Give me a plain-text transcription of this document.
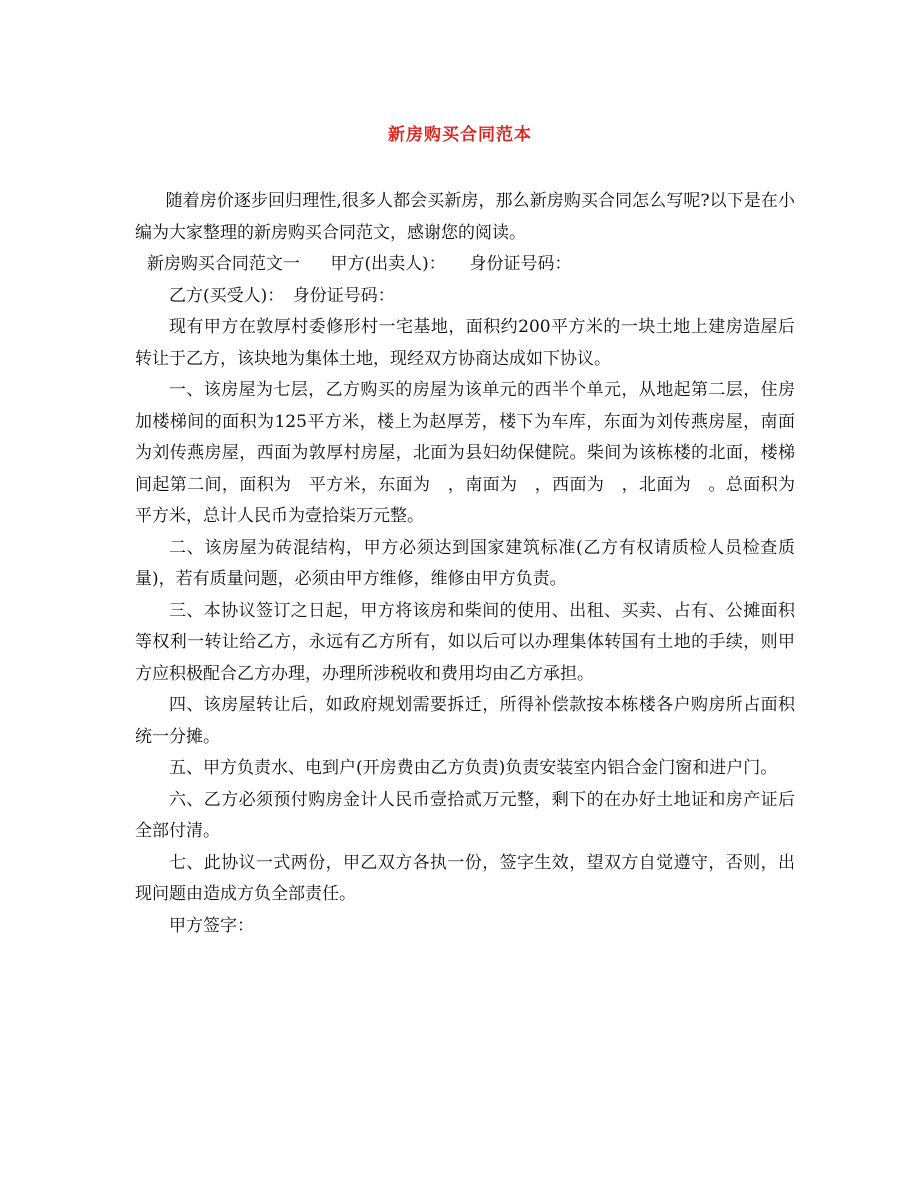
新房购买合同范本

随着房价逐步回归理性,很多人都会买新房，那么新房购买合同怎么写呢?以下是在小编为大家整理的新房购买合同范文，感谢您的阅读。

新房购买合同范文一 甲方(出卖人)： 身份证号码：

乙方(买受人)：　身份证号码：

现有甲方在敦厚村委修形村一宅基地，面积约200平方米的一块土地上建房造屋后转让于乙方，该块地为集体土地，现经双方协商达成如下协议。

一、该房屋为七层，乙方购买的房屋为该单元的西半个单元，从地起第二层，住房加楼梯间的面积为125平方米，楼上为赵厚芳，楼下为车库，东面为刘传燕房屋，南面为刘传燕房屋，西面为敦厚村房屋，北面为县妇幼保健院。柴间为该栋楼的北面，楼梯间起第二间，面积为　平方米，东面为　，南面为　，西面为　，北面为　。总面积为　平方米，总计人民币为壹拾柒万元整。

二、该房屋为砖混结构，甲方必须达到国家建筑标准(乙方有权请质检人员检查质量)，若有质量问题，必须由甲方维修，维修由甲方负责。

三、本协议签订之日起，甲方将该房和柴间的使用、出租、买卖、占有、公摊面积等权利一转让给乙方，永远有乙方所有，如以后可以办理集体转国有土地的手续，则甲方应积极配合乙方办理，办理所涉税收和费用均由乙方承担。

四、该房屋转让后，如政府规划需要拆迁，所得补偿款按本栋楼各户购房所占面积统一分摊。

五、甲方负责水、电到户(开房费由乙方负责)负责安装室内铝合金门窗和进户门。

六、乙方必须预付购房金计人民币壹拾贰万元整，剩下的在办好土地证和房产证后全部付清。

七、此协议一式两份，甲乙双方各执一份，签字生效，望双方自觉遵守，否则，出现问题由造成方负全部责任。

甲方签字：
